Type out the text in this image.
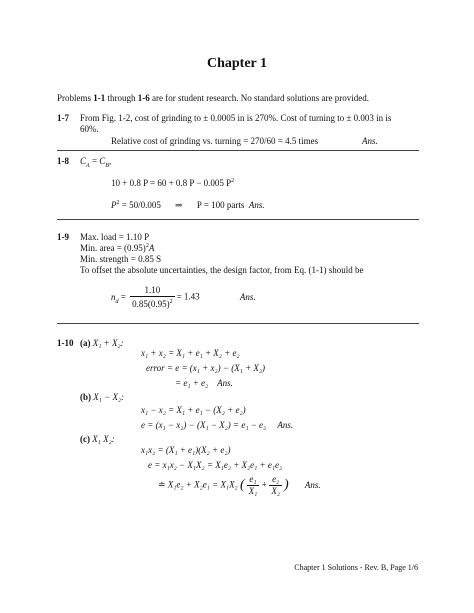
Chapter 1
Problems 1-1 through 1-6 are for student research. No standard solutions are provided.
1-7 From Fig. 1-2, cost of grinding to ± 0.0005 in is 270%. Cost of turning to ± 0.003 in is
60%.
Relative cost of grinding vs. turning = 270/60 = 4.5 times	Ans.
1-8 $C_A = C_B$,
10 + 0.8 P = 60 + 0.8 P − 0.005 $P^2$
$P^2 = 50/0.005$ ⇒ P = 100 parts Ans.
1-9 Max. load = 1.10 P
Min. area = $(0.95)^2A$
Min. strength = 0.85 S
To offset the absolute uncertainties, the design factor, from Eq. (1-1) should be
$n_d = \frac{1.10}{0.85(0.95)^2} = 1.43$	Ans.
1-10 (a) X₁ + X₂:
x₁ + x₂ = X₁ + e₁ + X₂ + e₂
error = e = (x₁ + x₂) − (X₁ + X₂)
= e₁ + e₂ Ans.
(b) X₁ − X₂:
x₁ − x₂ = X₁ + e₁ − (X₂ + e₂)
e = (x₁ − x₂) − (X₁ − X₂) = e₁ − e₂ Ans.
(c) X₁ X₂:
x₁x₂ = (X₁ + e₁)(X₂ + e₂)
e = x₁x₂ − X₁X₂ = X₁e₂ + X₂e₁ + e₁e₂
≐ X₁e₂ + X₂e₁ = X₁X₂ ( $\frac{\text{e₁}}{\text{X₁}} + \frac{\text{e₂}}{\text{X₂}}$ ) Ans.
Chapter 1 Solutions - Rev. B, Page 1/6
